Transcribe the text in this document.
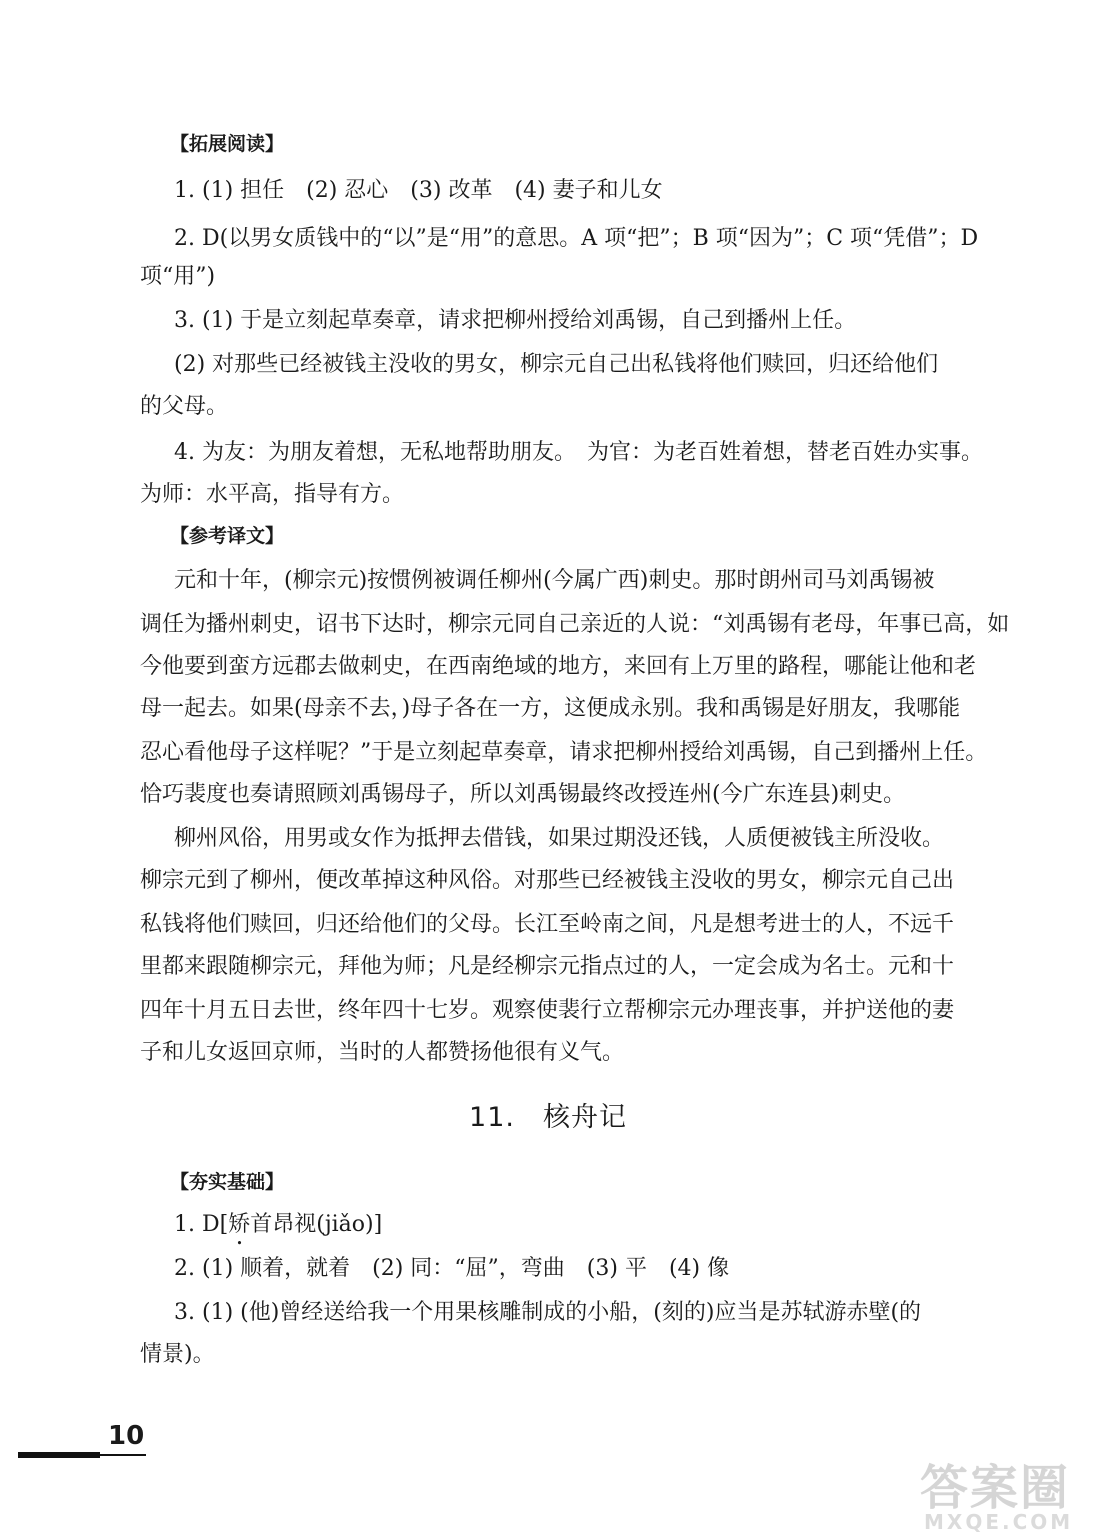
【拓展阅读】
1. (1) 担任　(2) 忍心　(3) 改革　(4) 妻子和儿女
2. D(以男女质钱中的“以”是“用”的意思。A 项“把”；B 项“因为”；C 项“凭借”；D
项“用”)
3. (1) 于是立刻起草奏章，请求把柳州授给刘禹锡，自己到播州上任。
(2) 对那些已经被钱主没收的男女，柳宗元自己出私钱将他们赎回，归还给他们
的父母。
4. 为友：为朋友着想，无私地帮助朋友。　为官：为老百姓着想，替老百姓办实事。
为师：水平高，指导有方。
【参考译文】
元和十年，(柳宗元)按惯例被调任柳州(今属广西)刺史。那时朗州司马刘禹锡被
调任为播州刺史，诏书下达时，柳宗元同自己亲近的人说：“刘禹锡有老母，年事已高，如
今他要到蛮方远郡去做刺史，在西南绝域的地方，来回有上万里的路程，哪能让他和老
母一起去。如果(母亲不去，)母子各在一方，这便成永别。我和禹锡是好朋友，我哪能
忍心看他母子这样呢？”于是立刻起草奏章，请求把柳州授给刘禹锡，自己到播州上任。
恰巧裴度也奏请照顾刘禹锡母子，所以刘禹锡最终改授连州(今广东连县)刺史。
柳州风俗，用男或女作为抵押去借钱，如果过期没还钱，人质便被钱主所没收。
柳宗元到了柳州，便改革掉这种风俗。对那些已经被钱主没收的男女，柳宗元自己出
私钱将他们赎回，归还给他们的父母。长江至岭南之间，凡是想考进士的人，不远千
里都来跟随柳宗元，拜他为师；凡是经柳宗元指点过的人，一定会成为名士。元和十
四年十月五日去世，终年四十七岁。观察使裴行立帮柳宗元办理丧事，并护送他的妻
子和儿女返回京师，当时的人都赞扬他很有义气。
11.　核舟记
【夯实基础】
1. D[矫首昂视(jiǎo)]
2. (1) 顺着，就着　(2) 同：“屈”，弯曲　(3) 平　(4) 像
3. (1) (他)曾经送给我一个用果核雕制成的小船，(刻的)应当是苏轼游赤壁(的
情景)。
10
答案圈
MXQE.COM
